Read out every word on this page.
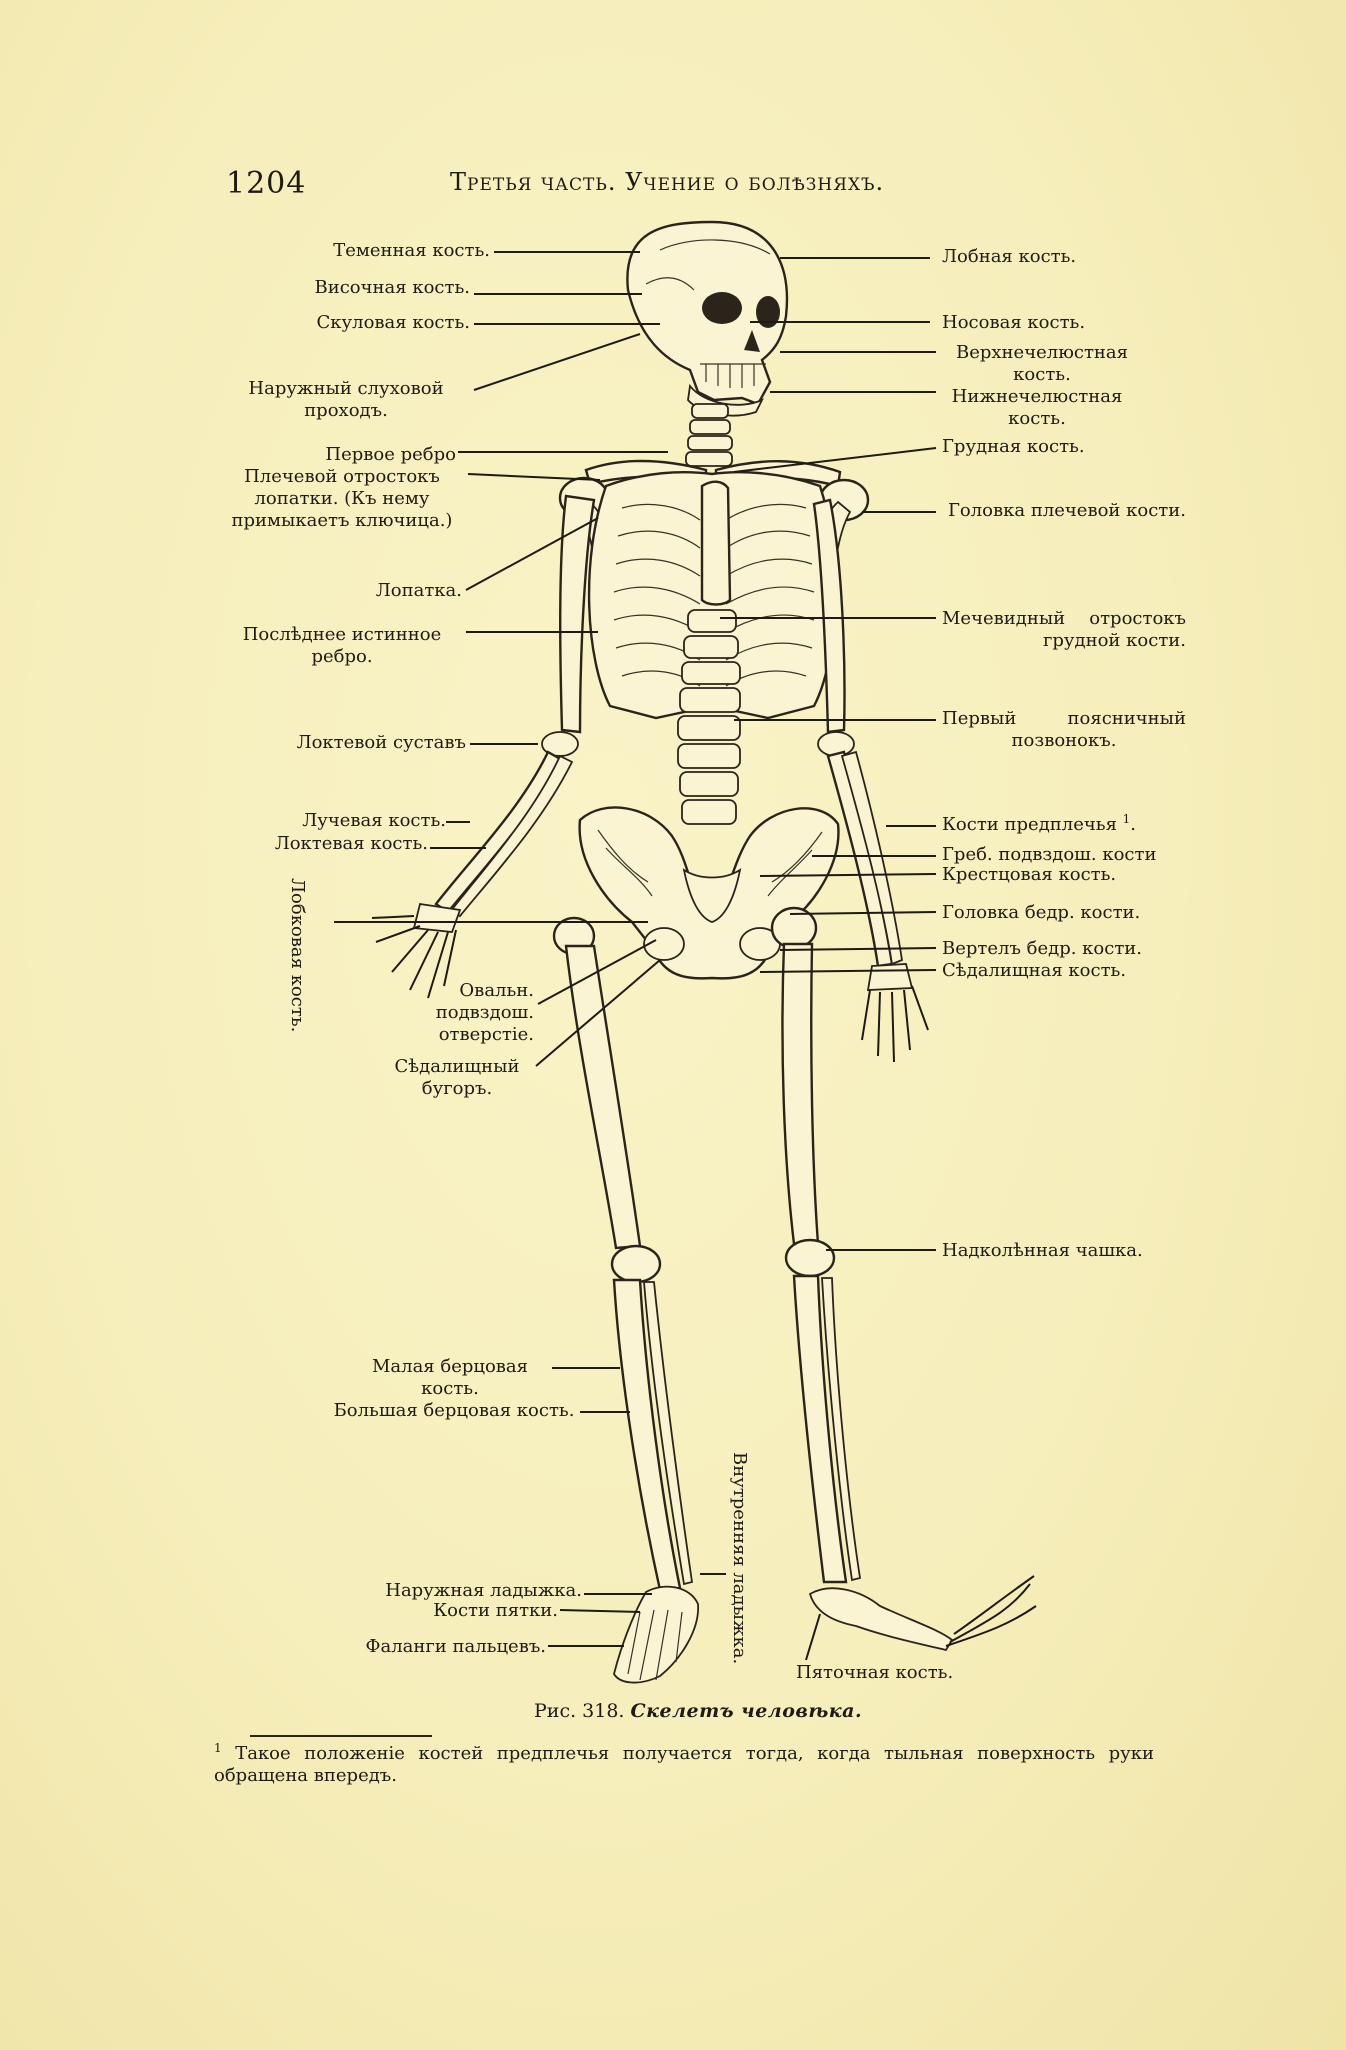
1204	Третья часть. Учение о болѣзняхъ.
Теменная кость.
Височная кость.
Скуловая кость.
Наружный слуховой проходъ.
Первое ребро
Плечевой отростокъ лопатки. (Къ нему примыкаетъ ключица.)
Лопатка.
Послѣднее истинное ребро.
Локтевой суставъ
Лучевая кость.
Локтевая кость.
Лобковая кость.	Овальн. подвздош. отверстiе.
Сѣдалищный бугоръ.
Малая берцовая кость.
Большая берцовая кость.
Наружная ладыжка.
Кости пятки.
Фаланги пальцевъ.
Лобная кость.
Носовая кость.
Верхнечелюстная кость.
Нижнечелюстная кость.
Грудная кость.
Головка плечевой кости.
Мечевидный отростокъ грудной кости.
Первый поясничный позвонокъ.
Кости предплечья $^1$.
Греб. подвздош. кости
Крестцовая кость.
Головка бедр. кости.
Вертелъ бедр. кости.
Сѣдалищная кость.
Надколѣнная чашка.
Внутренняя ладыжка.
Пяточная кость.
Рис. 318. Скелетъ человѣка.
$^1$ Такое положенiе костей предплечья получается тогда, когда тыльная поверхность руки обращена впередъ.
